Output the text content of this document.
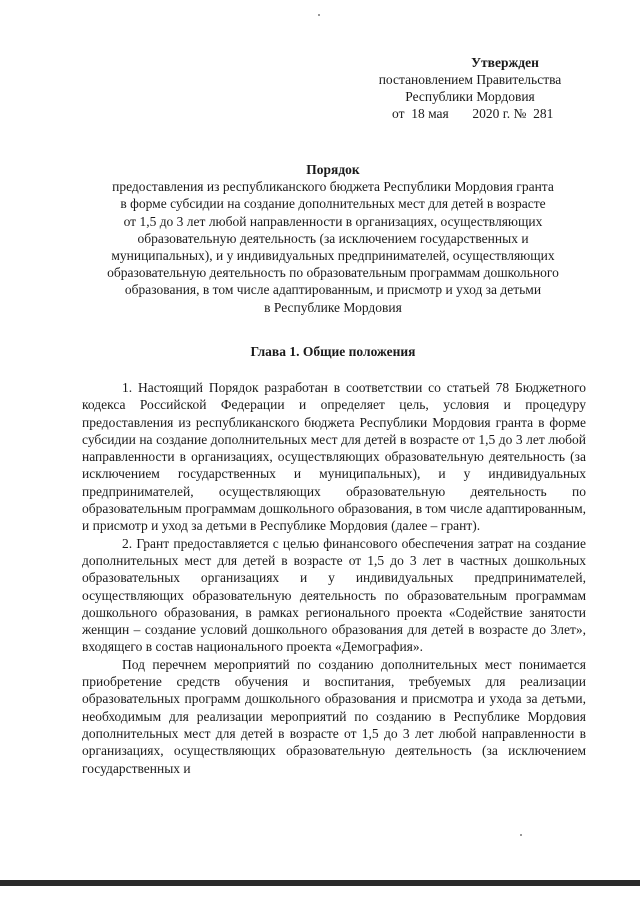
Утвержден
постановлением Правительства
Республики Мордовия
от  18 мая       2020 г. №  281
Порядок
предоставления из республиканского бюджета Республики Мордовия гранта
в форме субсидии на создание дополнительных мест для детей в возрасте
от 1,5 до 3 лет любой направленности в организациях, осуществляющих
образовательную деятельность (за исключением государственных и
муниципальных), и у индивидуальных предпринимателей, осуществляющих
образовательную деятельность по образовательным программам дошкольного
образования, в том числе адаптированным, и присмотр и уход за детьми
в Республике Мордовия
Глава 1. Общие положения

1. Настоящий Порядок разработан в соответствии со статьей 78 Бюджетного кодекса Российской Федерации и определяет цель, условия и процедуру предоставления из республиканского бюджета Республики Мордовия гранта в форме субсидии на создание дополнительных мест для детей в возрасте от 1,5 до 3 лет любой направленности в организациях, осуществляющих образовательную деятельность (за исключением государственных и муниципальных), и у индивидуальных предпринимателей, осуществляющих образовательную деятельность по образовательным программам дошкольного образования, в том числе адаптированным, и присмотр и уход за детьми в Республике Мордовия (далее – грант).

2. Грант предоставляется с целью финансового обеспечения затрат на создание дополнительных мест для детей в возрасте от 1,5 до 3 лет в частных дошкольных образовательных организациях и у индивидуальных предпринимателей, осуществляющих образовательную деятельность по образовательным программам дошкольного образования, в рамках регионального проекта «Содействие занятости женщин – создание условий дошкольного образования для детей в возрасте до 3лет», входящего в состав национального проекта «Демография».

Под перечнем мероприятий по созданию дополнительных мест понимается приобретение средств обучения и воспитания, требуемых для реализации образовательных программ дошкольного образования и присмотра и ухода за детьми, необходимым для реализации мероприятий по созданию в Республике Мордовия дополнительных мест для детей в возрасте от 1,5 до 3 лет любой направленности в организациях, осуществляющих образовательную деятельность (за исключением государственных и
